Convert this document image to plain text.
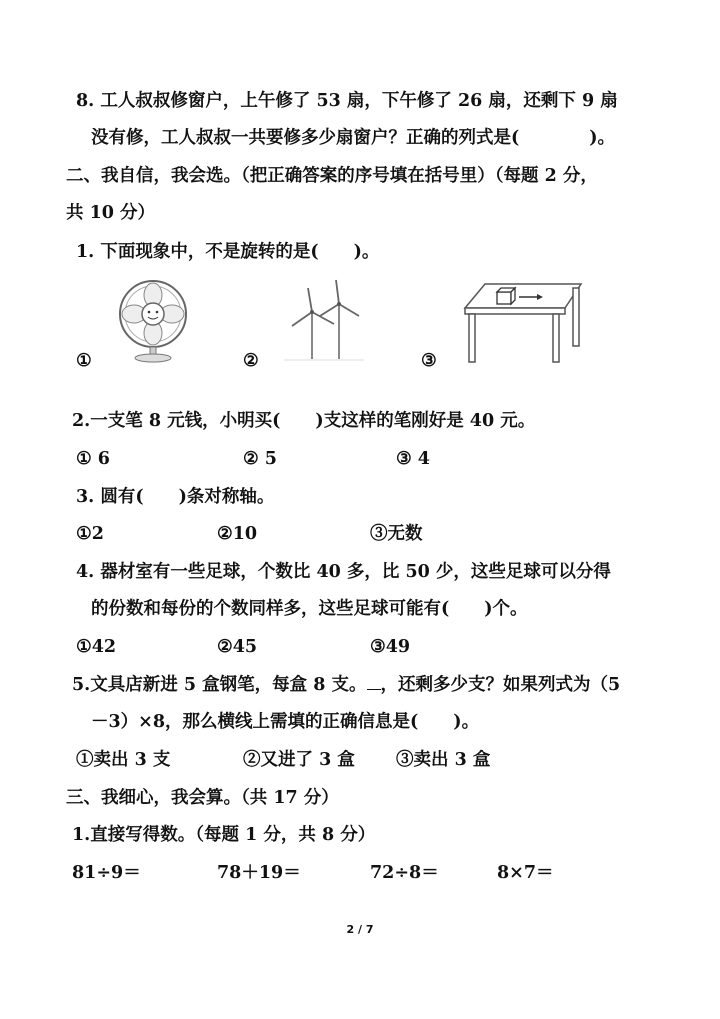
8. 工人叔叔修窗户，上午修了 53 扇，下午修了 26 扇，还剩下 9 扇
没有修，工人叔叔一共要修多少扇窗户？正确的列式是(　　　　)。
二、我自信，我会选。（把正确答案的序号填在括号里）（每题 2 分，
共 10 分）
1. 下面现象中，不是旋转的是(　　)。
①	②	③
2.一支笔 8 元钱，小明买(　　)支这样的笔刚好是 40 元。
① 6	② 5	③ 4
3. 圆有(　　)条对称轴。
①2	②10	③无数
4. 器材室有一些足球，个数比 40 多，比 50 少，这些足球可以分得
的份数和每份的个数同样多，这些足球可能有(　　)个。
①42	②45	③49
5.文具店新进 5 盒钢笔，每盒 8 支。 ，还剩多少支？如果列式为（5
－3）×8，那么横线上需填的正确信息是(　　)。
①卖出 3 支	②又进了 3 盒 ③卖出 3 盒
三、我细心，我会算。（共 17 分）
1.直接写得数。（每题 1 分，共 8 分）
81÷9＝	78＋19＝	72÷8＝	8×7＝
2 / 7
